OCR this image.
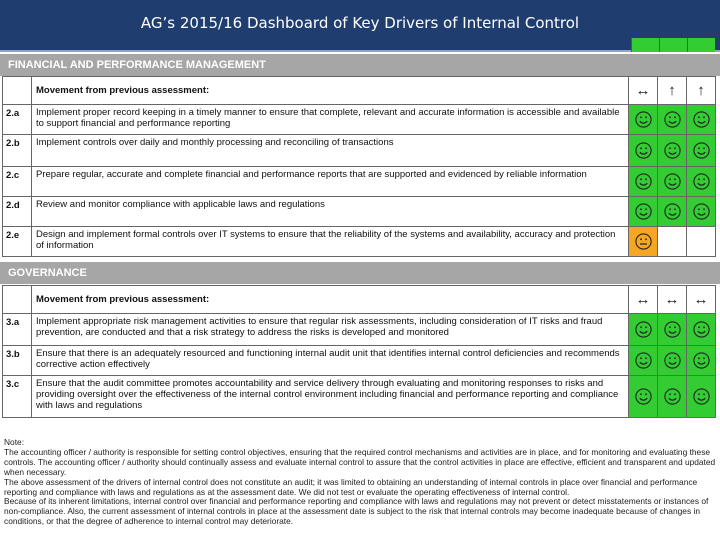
AG’s 2015/16 Dashboard of Key Drivers of Internal Control
FINANCIAL AND PERFORMANCE MANAGEMENT
	Movement from previous assessment:	↔	↑	↑
2.a	Implement proper record keeping in a timely manner to ensure that complete, relevant and accurate information is accessible and available to support financial and performance reporting			
2.b	Implement controls over daily and monthly processing and reconciling of transactions			
2.c	Prepare regular, accurate and complete financial and performance reports that are supported and evidenced by reliable information			
2.d	Review and monitor compliance with applicable laws and regulations			
2.e	Design and implement formal controls over IT systems to ensure that the reliability of the systems and availability, accuracy and protection of information			
GOVERNANCE
	Movement from previous assessment:	↔	↔	↔
3.a	Implement appropriate risk management activities to ensure that regular risk assessments, including consideration of IT risks and fraud prevention, are conducted and that a risk strategy to address the risks is developed and monitored			
3.b	Ensure that there is an adequately resourced and functioning internal audit unit that identifies internal control deficiencies and recommends corrective action effectively			
3.c	Ensure that the audit committee promotes accountability and service delivery through evaluating and monitoring responses to risks and providing oversight over the effectiveness of the internal control environment including financial and performance reporting and compliance with laws and regulations			

Note:

The accounting officer / authority is responsible for setting control objectives, ensuring that the required control mechanisms and activities are in place, and for monitoring and evaluating these controls. The accounting officer / authority should continually assess and evaluate internal control to assure that the control activities in place are effective, efficient and transparent and updated when necessary.

The above assessment of the drivers of internal control does not constitute an audit; it was limited to obtaining an understanding of internal controls in place over financial and performance reporting and compliance with laws and regulations as at the assessment date. We did not test or evaluate the operating effectiveness of internal control.

Because of its inherent limitations, internal control over financial and performance reporting and compliance with laws and regulations may not prevent or detect misstatements or instances of non-compliance. Also, the current assessment of internal controls in place at the assessment date is subject to the risk that internal controls may become inadequate because of changes in conditions, or that the degree of adherence to internal control may deteriorate.
